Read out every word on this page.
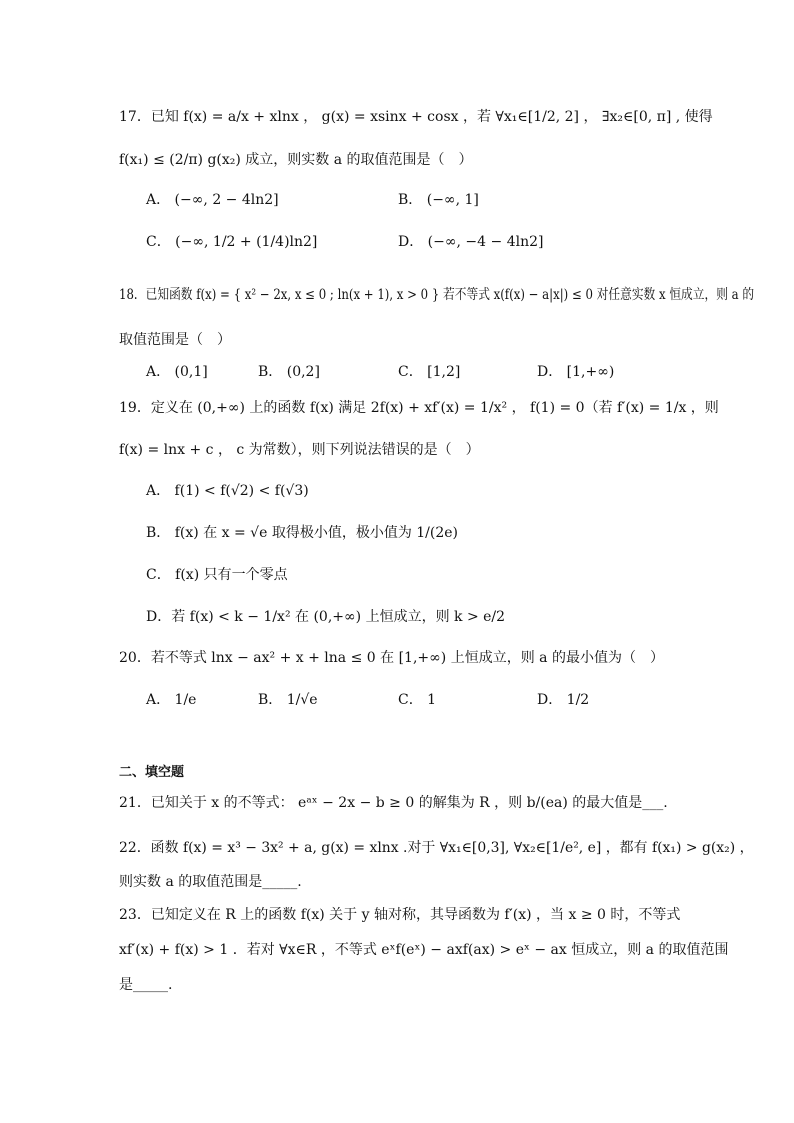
17．已知 f(x) = a/x + xlnx ， g(x) = xsinx + cosx ，若 ∀x₁∈[1/2, 2] ， ∃x₂∈[0, π] , 使得
f(x₁) ≤ (2/π) g(x₂) 成立，则实数 a 的取值范围是（　）
A． (−∞, 2 − 4ln2]	B． (−∞, 1]
C． (−∞, 1/2 + (1/4)ln2]	D． (−∞, −4 − 4ln2]
18．已知函数 f(x) = { x² − 2x, x ≤ 0 ; ln(x + 1), x > 0 } 若不等式 x(f(x) − a|x|) ≤ 0 对任意实数 x 恒成立，则 a 的
取值范围是（　）
A． (0,1]	B． (0,2]	C． [1,2]	D． [1,+∞)
19．定义在 (0,+∞) 上的函数 f(x) 满足 2f(x) + xf′(x) = 1/x² ， f(1) = 0（若 f′(x) = 1/x ，则
f(x) = lnx + c ， c 为常数），则下列说法错误的是（　）
A． f(1) < f(√2) < f(√3)
B． f(x) 在 x = √e 取得极小值，极小值为 1/(2e)
C． f(x) 只有一个零点
D．若 f(x) < k − 1/x² 在 (0,+∞) 上恒成立，则 k > e/2
20．若不等式 lnx − ax² + x + lna ≤ 0 在 [1,+∞) 上恒成立，则 a 的最小值为（　）
A． 1/e	B． 1/√e	C． 1	D． 1/2
二、填空题
21．已知关于 x 的不等式： eᵃˣ − 2x − b ≥ 0 的解集为 R ，则 b/(ea) 的最大值是___.
22．函数 f(x) = x³ − 3x² + a, g(x) = xlnx .对于 ∀x₁∈[0,3], ∀x₂∈[1/e², e] ，都有 f(x₁) > g(x₂) ，
则实数 a 的取值范围是_____.
23．已知定义在 R 上的函数 f(x) 关于 y 轴对称，其导函数为 f′(x) ，当 x ≥ 0 时，不等式
xf′(x) + f(x) > 1 ．若对 ∀x∈R ，不等式 eˣf(eˣ) − axf(ax) > eˣ − ax 恒成立，则 a 的取值范围
是_____.
